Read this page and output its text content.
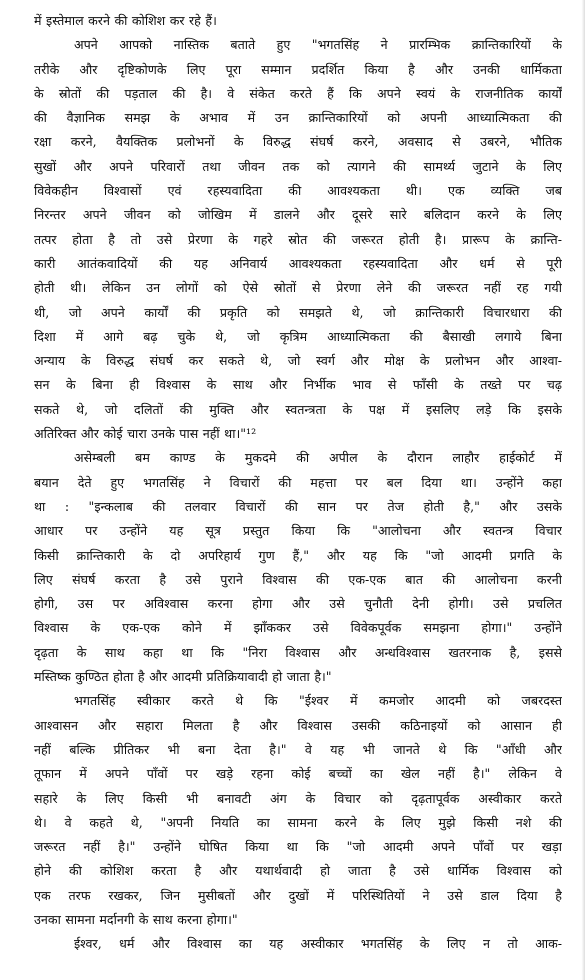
में इस्तेमाल करने की कोशिश कर रहे हैं।
अपने आपको नास्तिक बताते हुए "भगतसिंह ने प्रारम्भिक क्रान्तिकारियों के
तरीके और दृष्टिकोणके लिए पूरा सम्मान प्रदर्शित किया है और उनकी धार्मिकता
के स्रोतों की पड़ताल की है। वे संकेत करते हैं कि अपने स्वयं के राजनीतिक कार्यों
की वैज्ञानिक समझ के अभाव में उन क्रान्तिकारियों को अपनी आध्यात्मिकता की
रक्षा करने, वैयक्तिक प्रलोभनों के विरुद्ध संघर्ष करने, अवसाद से उबरने, भौतिक
सुखों और अपने परिवारों तथा जीवन तक को त्यागने की सामर्थ्य जुटाने के लिए
विवेकहीन विश्वासों एवं रहस्यवादिता की आवश्यकता थी। एक व्यक्ति जब
निरन्तर अपने जीवन को जोखिम में डालने और दूसरे सारे बलिदान करने के लिए
तत्पर होता है तो उसे प्रेरणा के गहरे स्रोत की जरूरत होती है। प्रारूप के क्रान्ति-
कारी आतंकवादियों की यह अनिवार्य आवश्यकता रहस्यवादिता और धर्म से पूरी
होती थी। लेकिन उन लोगों को ऐसे स्रोतों से प्रेरणा लेने की जरूरत नहीं रह गयी
थी, जो अपने कार्यों की प्रकृति को समझते थे, जो क्रान्तिकारी विचारधारा की
दिशा में आगे बढ़ चुके थे, जो कृत्रिम आध्यात्मिकता की बैसाखी लगाये बिना
अन्याय के विरुद्ध संघर्ष कर सकते थे, जो स्वर्ग और मोक्ष के प्रलोभन और आश्वा-
सन के बिना ही विश्वास के साथ और निर्भीक भाव से फाँसी के तख्ते पर चढ़
सकते थे, जो दलितों की मुक्ति और स्वतन्त्रता के पक्ष में इसलिए लड़े कि इसके
अतिरिक्त और कोई चारा उनके पास नहीं था।"¹²
असेम्बली बम काण्ड के मुकदमे की अपील के दौरान लाहौर हाईकोर्ट में
बयान देते हुए भगतसिंह ने विचारों की महत्ता पर बल दिया था। उन्होंने कहा
था : "इन्कलाब की तलवार विचारों की सान पर तेज होती है," और उसके
आधार पर उन्होंने यह सूत्र प्रस्तुत किया कि "आलोचना और स्वतन्त्र विचार
किसी क्रान्तिकारी के दो अपरिहार्य गुण हैं," और यह कि "जो आदमी प्रगति के
लिए संघर्ष करता है उसे पुराने विश्वास की एक-एक बात की आलोचना करनी
होगी, उस पर अविश्वास करना होगा और उसे चुनौती देनी होगी। उसे प्रचलित
विश्वास के एक-एक कोने में झाँककर उसे विवेकपूर्वक समझना होगा।" उन्होंने
दृढ़ता के साथ कहा था कि "निरा विश्वास और अन्धविश्वास खतरनाक है, इससे
मस्तिष्क कुण्ठित होता है और आदमी प्रतिक्रियावादी हो जाता है।"
भगतसिंह स्वीकार करते थे कि "ईश्वर में कमजोर आदमी को जबरदस्त
आश्वासन और सहारा मिलता है और विश्वास उसकी कठिनाइयों को आसान ही
नहीं बल्कि प्रीतिकर भी बना देता है।" वे यह भी जानते थे कि "आँधी और
तूफान में अपने पाँवों पर खड़े रहना कोई बच्चों का खेल नहीं है।" लेकिन वे
सहारे के लिए किसी भी बनावटी अंग के विचार को दृढ़तापूर्वक अस्वीकार करते
थे। वे कहते थे, "अपनी नियति का सामना करने के लिए मुझे किसी नशे की
जरूरत नहीं है।" उन्होंने घोषित किया था कि "जो आदमी अपने पाँवों पर खड़ा
होने की कोशिश करता है और यथार्थवादी हो जाता है उसे धार्मिक विश्वास को
एक तरफ रखकर, जिन मुसीबतों और दुखों में परिस्थितियों ने उसे डाल दिया है
उनका सामना मर्दानगी के साथ करना होगा।"
ईश्वर, धर्म और विश्वास का यह अस्वीकार भगतसिंह के लिए न तो आक-
